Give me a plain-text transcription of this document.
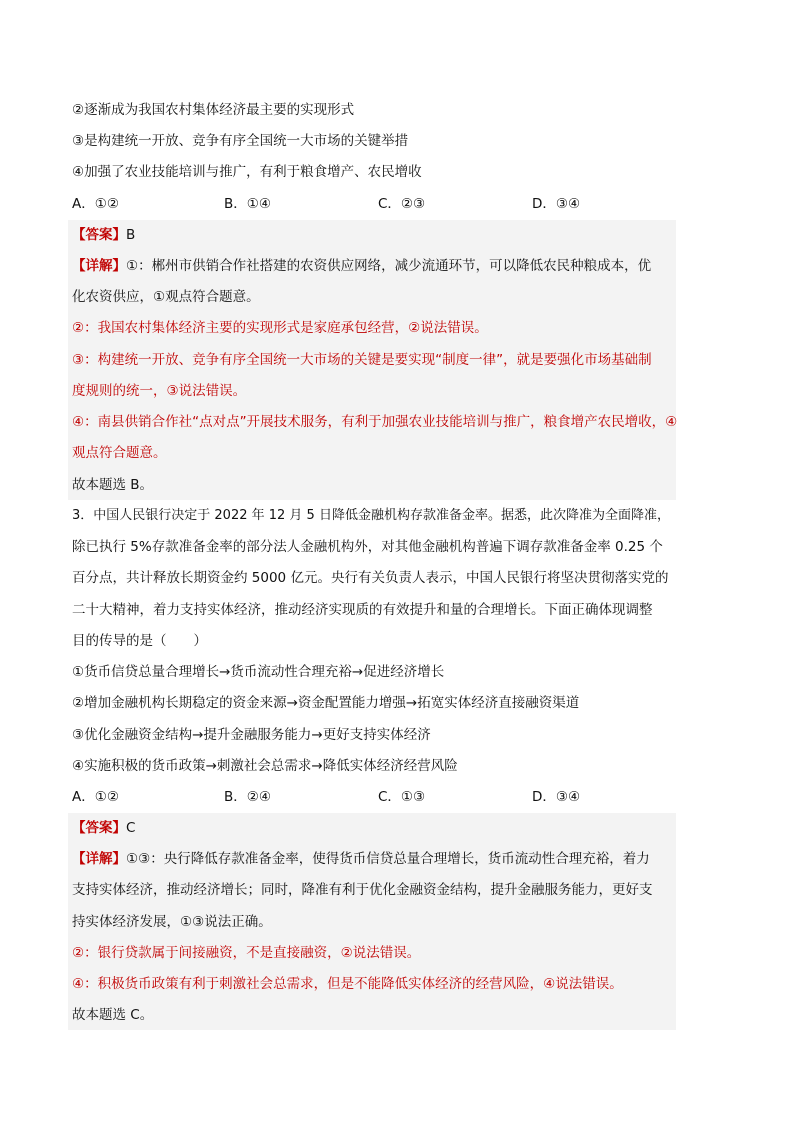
②逐渐成为我国农村集体经济最主要的实现形式
③是构建统一开放、竞争有序全国统一大市场的关键举措
④加强了农业技能培训与推广，有利于粮食增产、农民增收
A．①②	B．①④	C．②③	D．③④
【答案】B
【详解】①：郴州市供销合作社搭建的农资供应网络，减少流通环节，可以降低农民种粮成本，优
化农资供应，①观点符合题意。
②：我国农村集体经济主要的实现形式是家庭承包经营，②说法错误。
③：构建统一开放、竞争有序全国统一大市场的关键是要实现“制度一律”，就是要强化市场基础制
度规则的统一，③说法错误。
④：南县供销合作社“点对点”开展技术服务，有利于加强农业技能培训与推广，粮食增产农民增收，④
观点符合题意。
故本题选 B。
3．中国人民银行决定于 2022 年 12 月 5 日降低金融机构存款准备金率。据悉，此次降准为全面降准，
除已执行 5%存款准备金率的部分法人金融机构外，对其他金融机构普遍下调存款准备金率 0.25 个
百分点，共计释放长期资金约 5000 亿元。央行有关负责人表示，中国人民银行将坚决贯彻落实党的
二十大精神，着力支持实体经济，推动经济实现质的有效提升和量的合理增长。下面正确体现调整
目的传导的是（　　）
①货币信贷总量合理增长→货币流动性合理充裕→促进经济增长
②增加金融机构长期稳定的资金来源→资金配置能力增强→拓宽实体经济直接融资渠道
③优化金融资金结构→提升金融服务能力→更好支持实体经济
④实施积极的货币政策→刺激社会总需求→降低实体经济经营风险
A．①②	B．②④	C．①③	D．③④
【答案】C
【详解】①③：央行降低存款准备金率，使得货币信贷总量合理增长，货币流动性合理充裕，着力
支持实体经济，推动经济增长；同时，降准有利于优化金融资金结构，提升金融服务能力，更好支
持实体经济发展，①③说法正确。
②：银行贷款属于间接融资，不是直接融资，②说法错误。
④：积极货币政策有利于刺激社会总需求，但是不能降低实体经济的经营风险，④说法错误。
故本题选 C。
